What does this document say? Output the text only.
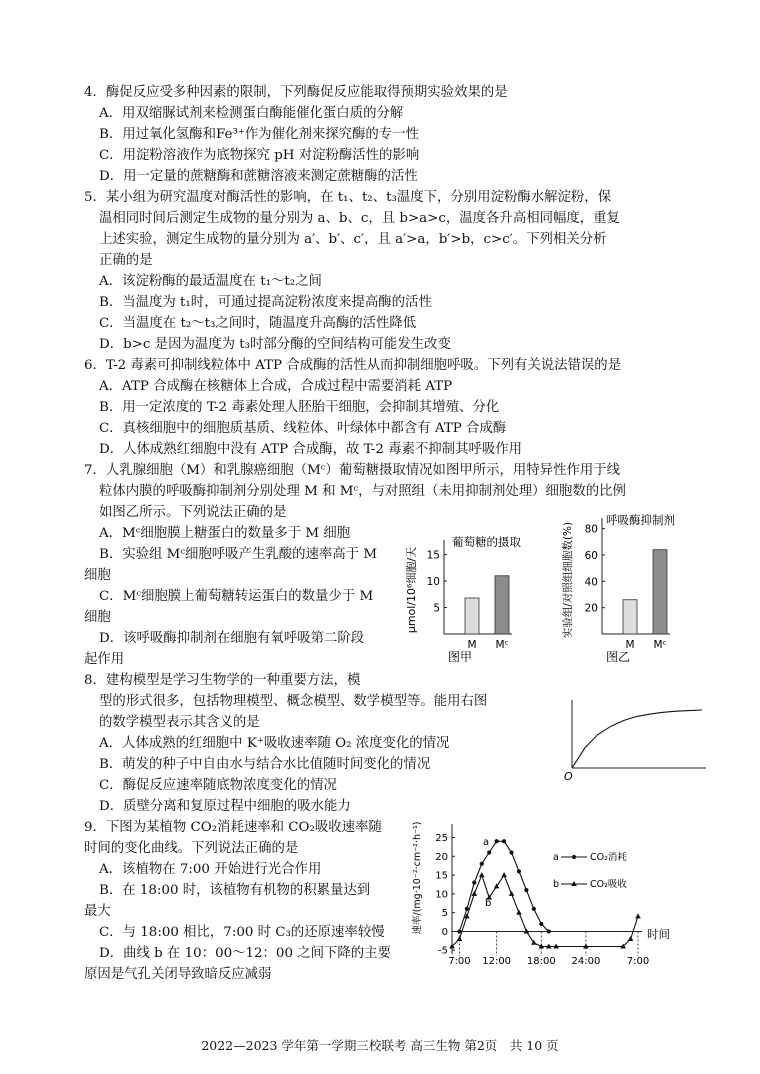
4．酶促反应受多种因素的限制，下列酶促反应能取得预期实验效果的是
A．用双缩脲试剂来检测蛋白酶能催化蛋白质的分解
B．用过氧化氢酶和Fe³⁺作为催化剂来探究酶的专一性
C．用淀粉溶液作为底物探究 pH 对淀粉酶活性的影响
D．用一定量的蔗糖酶和蔗糖溶液来测定蔗糖酶的活性
5．某小组为研究温度对酶活性的影响，在 t₁、t₂、t₃温度下，分别用淀粉酶水解淀粉，保
温相同时间后测定生成物的量分别为 a、b、c，且 b>a>c，温度各升高相同幅度，重复
上述实验，测定生成物的量分别为 a′、b′、c′，且 a′>a，b′>b，c>c′。下列相关分析
正确的是
A．该淀粉酶的最适温度在 t₁～t₂之间
B．当温度为 t₁时，可通过提高淀粉浓度来提高酶的活性
C．当温度在 t₂～t₃之间时，随温度升高酶的活性降低
D．b>c 是因为温度为 t₃时部分酶的空间结构可能发生改变
6．T-2 毒素可抑制线粒体中 ATP 合成酶的活性从而抑制细胞呼吸。下列有关说法错误的是
A．ATP 合成酶在核糖体上合成，合成过程中需要消耗 ATP
B．用一定浓度的 T-2 毒素处理人胚胎干细胞，会抑制其增殖、分化
C．真核细胞中的细胞质基质、线粒体、叶绿体中都含有 ATP 合成酶
D．人体成熟红细胞中没有 ATP 合成酶，故 T-2 毒素不抑制其呼吸作用
7．人乳腺细胞（M）和乳腺癌细胞（Mᶜ）葡萄糖摄取情况如图甲所示，用特异性作用于线
粒体内膜的呼吸酶抑制剂分别处理 M 和 Mᶜ，与对照组（未用抑制剂处理）细胞数的比例
如图乙所示。下列说法正确的是
A．Mᶜ细胞膜上糖蛋白的数量多于 M 细胞
B．实验组 Mᶜ细胞呼吸产生乳酸的速率高于 M
细胞
C．Mᶜ细胞膜上葡萄糖转运蛋白的数量少于 M
细胞
D．该呼吸酶抑制剂在细胞有氧呼吸第二阶段
起作用
5
10
15
M Mᶜ
葡萄糖的摄取
μmol/10⁶细胞/天
图甲
20
40
60
80
M Mᶜ
呼吸酶抑制剂
实验组/对照组细胞数(%)
图乙
8．建构模型是学习生物学的一种重要方法，模
型的形式很多，包括物理模型、概念模型、数学模型等。能用右图
的数学模型表示其含义的是
A．人体成熟的红细胞中 K⁺吸收速率随 O₂ 浓度变化的情况
B．萌发的种子中自由水与结合水比值随时间变化的情况
C．酶促反应速率随底物浓度变化的情况
D．质壁分离和复原过程中细胞的吸水能力
O
9．下图为某植物 CO₂消耗速率和 CO₂吸收速率随
时间的变化曲线。下列说法正确的是
A．该植物在 7:00 开始进行光合作用
B．在 18:00 时，该植物有机物的积累量达到
最大
C．与 18:00 相比，7:00 时 C₃的还原速率较慢
D．曲线 b 在 10：00～12：00 之间下降的主要
原因是气孔关闭导致暗反应减弱
-5
0
5
10
15
20
25
7:00 12:00 18:00 24:00	7:00
速率/(mg·10⁻²·cm⁻²·h⁻¹)	时间
a	CO₂消耗
b	CO₂吸收
a
b
2022—2023 学年第一学期三校联考 高三生物 第2页　共 10 页
